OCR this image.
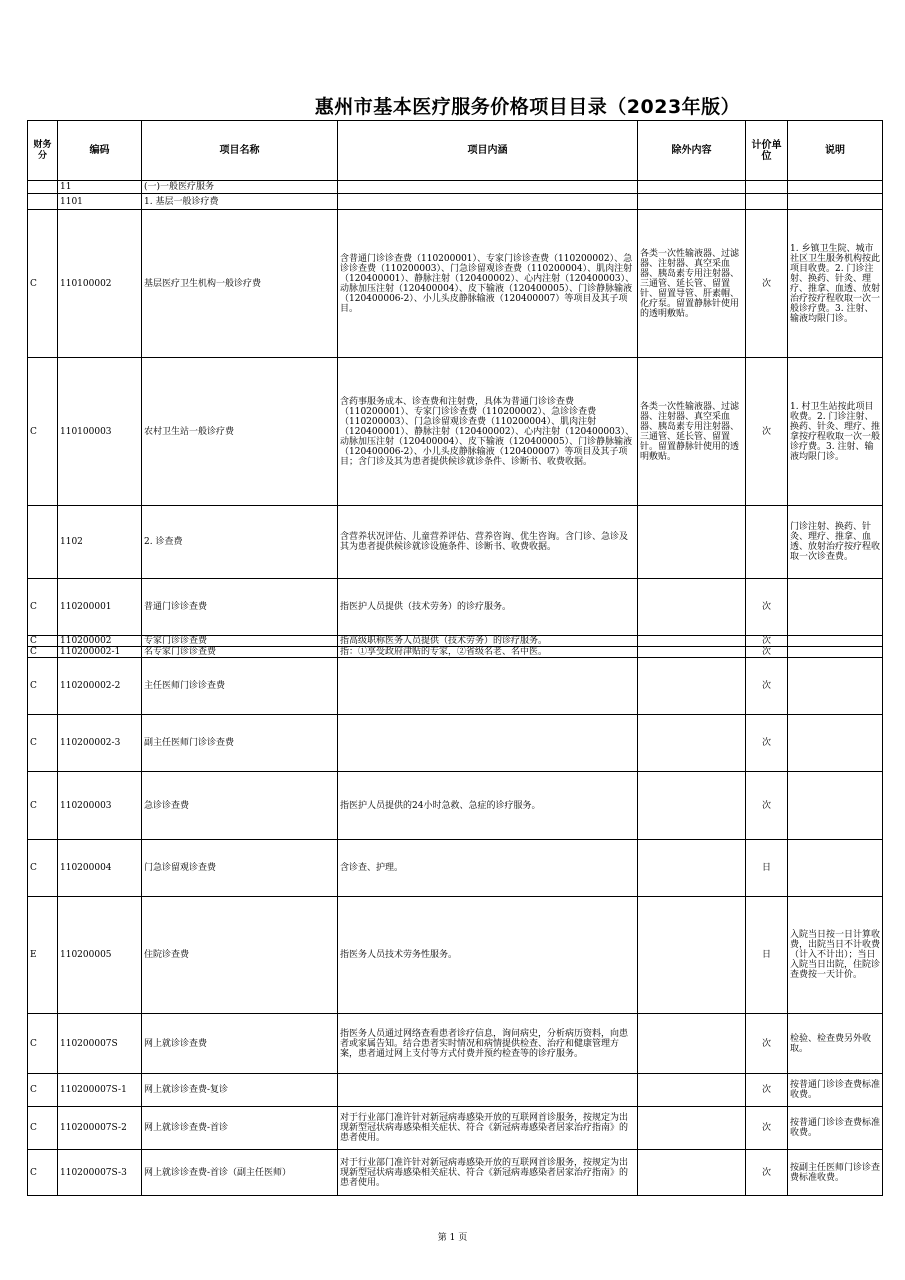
惠州市基本医疗服务价格项目目录（2023年版）
财务分	编码	项目名称	项目内涵	除外内容	计价单位	说明
	11	(一)一般医疗服务				
	1101	1. 基层一般诊疗费				
C	110100002	基层医疗卫生机构一般诊疗费	含普通门诊诊查费（110200001）、专家门诊诊查费（110200002）、急诊诊查费（110200003）、门急诊留观诊查费（110200004）、肌肉注射（120400001）、静脉注射（120400002）、心内注射（120400003）、动脉加压注射（120400004）、皮下输液（120400005）、门诊静脉输液（120400006-2）、小儿头皮静脉输液（120400007）等项目及其子项目。	各类一次性输液器、过滤器、注射器、真空采血器、胰岛素专用注射器、三通管、延长管、留置针、留置导管、肝素帽、化疗泵。留置静脉针使用的透明敷贴。	次	1. 乡镇卫生院、城市社区卫生服务机构按此项目收费。2. 门诊注射、换药、针灸、理疗、推拿、血透、放射治疗按疗程收取一次一般诊疗费。3. 注射、输液均限门诊。
C	110100003	农村卫生站一般诊疗费	含药事服务成本、诊查费和注射费，具体为普通门诊诊查费（110200001）、专家门诊诊查费（110200002）、急诊诊查费（110200003）、门急诊留观诊查费（110200004）、肌肉注射（120400001）、静脉注射（120400002）、心内注射（120400003）、动脉加压注射（120400004）、皮下输液（120400005）、门诊静脉输液（120400006-2）、小儿头皮静脉输液（120400007）等项目及其子项目；含门诊及其为患者提供候诊就诊条件、诊断书、收费收据。	各类一次性输液器、过滤器、注射器、真空采血器、胰岛素专用注射器、三通管、延长管、留置针。留置静脉针使用的透明敷贴。	次	1. 村卫生站按此项目收费。2. 门诊注射、换药、针灸、理疗、推拿按疗程收取一次一般诊疗费。3. 注射、输液均限门诊。
	1102	2. 诊查费	含营养状况评估、儿童营养评估、营养咨询、优生咨询。含门诊、急诊及其为患者提供候诊就诊设施条件、诊断书、收费收据。			门诊注射、换药、针灸、理疗、推拿、血透、放射治疗按疗程收取一次诊查费。
C	110200001	普通门诊诊查费	指医护人员提供（技术劳务）的诊疗服务。		次	
C	110200002	专家门诊诊查费	指高级职称医务人员提供（技术劳务）的诊疗服务。		次	
C	110200002-1	名专家门诊诊查费	指：①享受政府津贴的专家，②省级名老、名中医。		次	
C	110200002-2	主任医师门诊诊查费			次	
C	110200002-3	副主任医师门诊诊查费			次	
C	110200003	急诊诊查费	指医护人员提供的24小时急救、急症的诊疗服务。		次	
C	110200004	门急诊留观诊查费	含诊查、护理。		日	
E	110200005	住院诊查费	指医务人员技术劳务性服务。		日	入院当日按一日计算收费，出院当日不计收费（计入不计出）；当日入院当日出院，住院诊查费按一天计价。
C	110200007S	网上就诊诊查费	指医务人员通过网络查看患者诊疗信息，询问病史，分析病历资料，向患者或家属告知。结合患者实时情况和病情提供检查、治疗和健康管理方案，患者通过网上支付等方式付费并预约检查等的诊疗服务。		次	检验、检查费另外收取。
C	110200007S-1	网上就诊诊查费-复诊			次	按普通门诊诊查费标准收费。
C	110200007S-2	网上就诊诊查费-首诊	对于行业部门准许针对新冠病毒感染开放的互联网首诊服务，按规定为出现新型冠状病毒感染相关症状、符合《新冠病毒感染者居家治疗指南》的患者使用。		次	按普通门诊诊查费标准收费。
C	110200007S-3	网上就诊诊查费-首诊（副主任医师）	对于行业部门准许针对新冠病毒感染开放的互联网首诊服务，按规定为出现新型冠状病毒感染相关症状、符合《新冠病毒感染者居家治疗指南》的患者使用。		次	按副主任医师门诊诊查费标准收费。
第 1 页
